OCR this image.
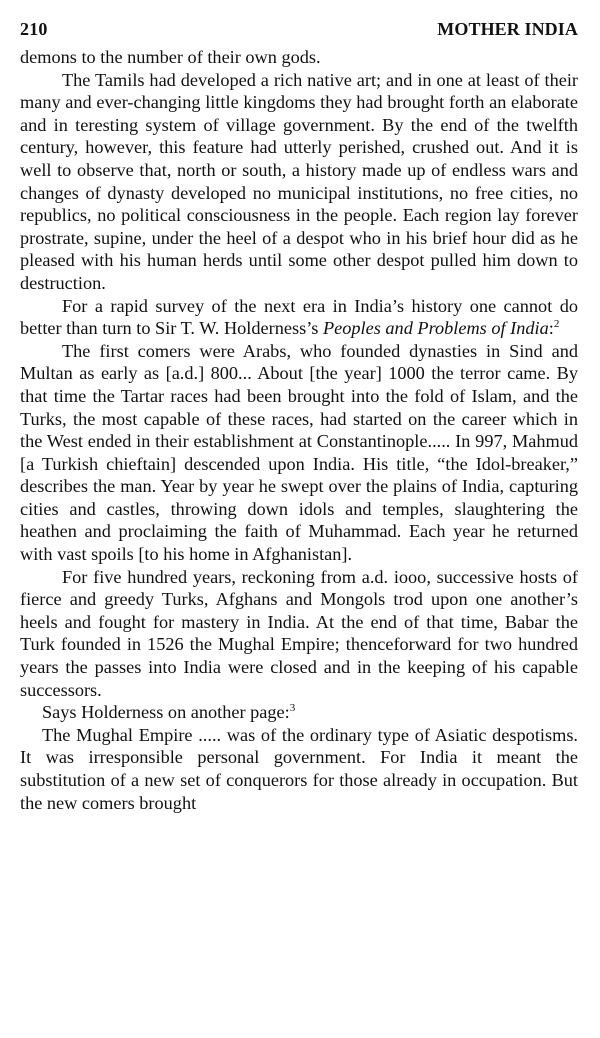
210	MOTHER INDIA

demons to the number of their own gods.

The Tamils had developed a rich native art; and in one at least of their many and ever-changing little kingdoms they had brought forth an elaborate and in teresting system of village government. By the end of the twelfth century, however, this feature had utterly perished, crushed out. And it is well to observe that, north or south, a history made up of endless wars and changes of dynasty developed no municipal institutions, no free cities, no republics, no political consciousness in the people. Each region lay forever prostrate, supine, under the heel of a despot who in his brief hour did as he pleased with his human herds until some other despot pulled him down to destruction.

For a rapid survey of the next era in India’s history one cannot do better than turn to Sir T. W. Holderness’s Peoples and Problems of India:$^2$

The first comers were Arabs, who founded dynasties in Sind and Multan as early as [a.d.] 800... About [the year] 1000 the terror came. By that time the Tartar races had been brought into the fold of Islam, and the Turks, the most capable of these races, had started on the career which in the West ended in their establishment at Constantinople..... In 997, Mahmud [a Turkish chieftain] descended upon India. His title, “the Idol-breaker,” describes the man. Year by year he swept over the plains of India, capturing cities and castles, throwing down idols and temples, slaughtering the heathen and proclaiming the faith of Muhammad. Each year he returned with vast spoils [to his home in Afghanistan].

For five hundred years, reckoning from a.d. iooo, successive hosts of fierce and greedy Turks, Afghans and Mongols trod upon one another’s heels and fought for mastery in India. At the end of that time, Babar the Turk founded in 1526 the Mughal Empire; thenceforward for two hundred years the passes into India were closed and in the keeping of his capable successors.

Says Holderness on another page:$^3$

The Mughal Empire ..... was of the ordinary type of Asiatic despotisms. It was irresponsible personal government. For India it meant the substitution of a new set of conquerors for those already in occupation. But the new comers brought
